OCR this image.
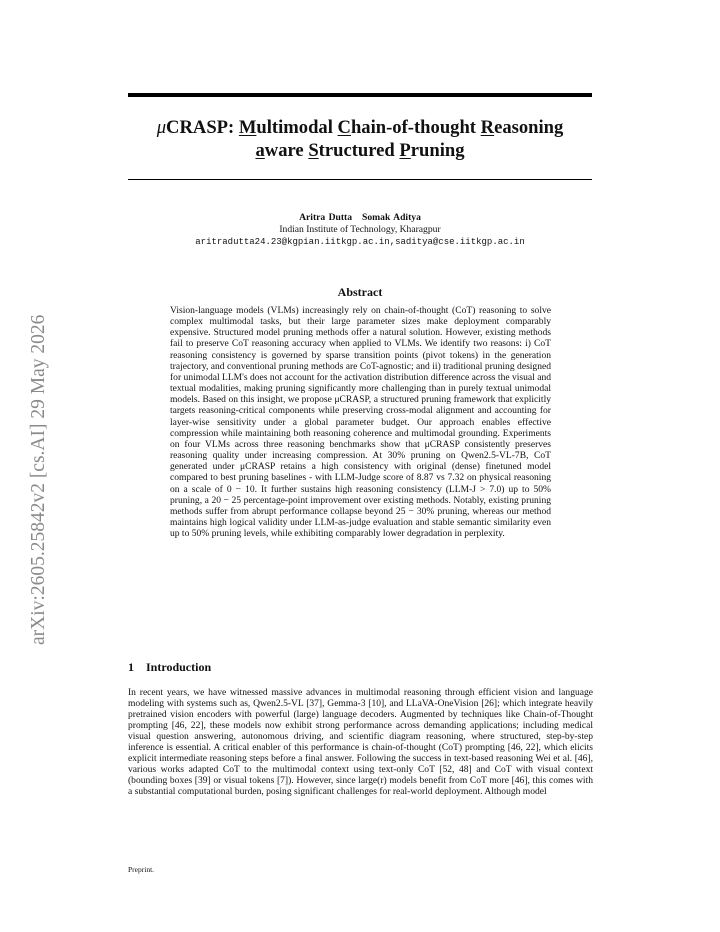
arXiv:2605.25842v2 [cs.AI] 29 May 2026
μCRASP: Multimodal Chain-of-thought Reasoning
aware Structured Pruning
Aritra Dutta Somak Aditya
Indian Institute of Technology, Kharagpur
aritradutta24.23@kgpian.iitkgp.ac.in,saditya@cse.iitkgp.ac.in
Abstract
Vision-language models (VLMs) increasingly rely on chain-of-thought (CoT) reasoning to solve complex multimodal tasks, but their large parameter sizes make deployment comparably expensive. Structured model pruning methods offer a natural solution. However, existing methods fail to preserve CoT reasoning accuracy when applied to VLMs. We identify two reasons: i) CoT reasoning consistency is governed by sparse transition points (pivot tokens) in the generation trajectory, and conventional pruning methods are CoT-agnostic; and ii) traditional pruning designed for unimodal LLM's does not account for the activation distribution difference across the visual and textual modalities, making pruning significantly more challenging than in purely textual unimodal models. Based on this insight, we propose μCRASP, a structured pruning framework that explicitly targets reasoning-critical components while preserving cross-modal alignment and accounting for layer-wise sensitivity under a global parameter budget. Our approach enables effective compression while maintaining both reasoning coherence and multimodal grounding. Experiments on four VLMs across three reasoning benchmarks show that μCRASP consistently preserves reasoning quality under increasing compression. At 30% pruning on Qwen2.5-VL-7B, CoT generated under μCRASP retains a high consistency with original (dense) finetuned model compared to best pruning baselines - with LLM-Judge score of 8.87 vs 7.32 on physical reasoning on a scale of 0 − 10. It further sustains high reasoning consistency (LLM-J > 7.0) up to 50% pruning, a 20 − 25 percentage-point improvement over existing methods. Notably, existing pruning methods suffer from abrupt performance collapse beyond 25 − 30% pruning, whereas our method maintains high logical validity under LLM-as-judge evaluation and stable semantic similarity even up to 50% pruning levels, while exhibiting comparably lower degradation in perplexity.
1 Introduction
In recent years, we have witnessed massive advances in multimodal reasoning through efficient vision and language modeling with systems such as, Qwen2.5-VL [37], Gemma-3 [10], and LLaVA-OneVision [26]; which integrate heavily pretrained vision encoders with powerful (large) language decoders. Augmented by techniques like Chain-of-Thought prompting [46, 22], these models now exhibit strong performance across demanding applications; including medical visual question answering, autonomous driving, and scientific diagram reasoning, where structured, step-by-step inference is essential. A critical enabler of this performance is chain-of-thought (CoT) prompting [46, 22], which elicits explicit intermediate reasoning steps before a final answer. Following the success in text-based reasoning Wei et al. [46], various works adapted CoT to the multimodal context using text-only CoT [52, 48] and CoT with visual context (bounding boxes [39] or visual tokens [7]). However, since large(r) models benefit from CoT more [46], this comes with a substantial computational burden, posing significant challenges for real-world deployment. Although model
Preprint.
